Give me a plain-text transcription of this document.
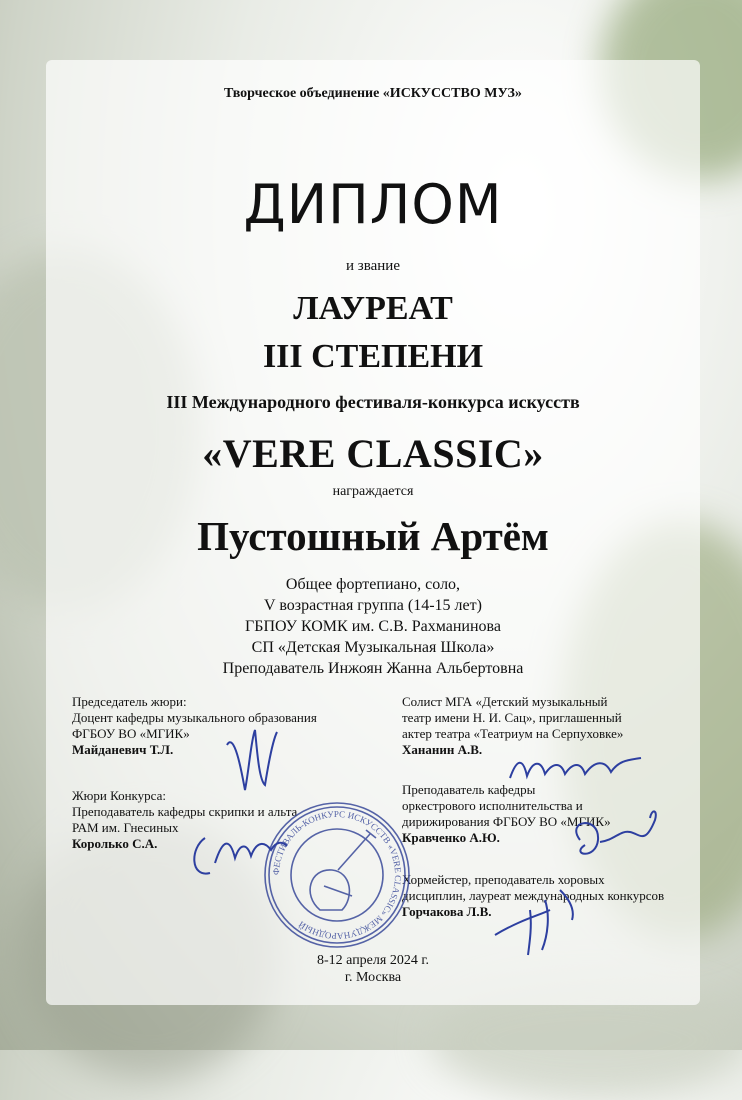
Творческое объединение «ИСКУССТВО МУЗ»
ДИПЛОМ
и звание
ЛАУРЕАТ
III СТЕПЕНИ
III Международного фестиваля-конкурса искусств
«VERE CLASSIC»
награждается
Пустошный Артём
Общее фортепиано, соло,
V возрастная группа (14-15 лет)
ГБПОУ КОМК им. С.В. Рахманинова
СП «Детская Музыкальная Школа»
Преподаватель Инжоян Жанна Альбертовна
Председатель жюри:
Доцент кафедры музыкального образования
ФГБОУ ВО «МГИК»
Майданевич Т.Л.
Жюри Конкурса:
Преподаватель кафедры скрипки и альта
РАМ им. Гнесиных
Королько С.А.
Солист МГА «Детский музыкальный
театр имени Н. И. Сац», приглашенный
актер театра «Театриум на Серпуховке»
Хананин А.В.
Преподаватель кафедры
оркестрового исполнительства и
дирижирования ФГБОУ ВО «МГИК»
Кравченко А.Ю.
Хормейстер, преподаватель хоровых
дисциплин, лауреат международных конкурсов
Горчакова Л.В.
ФЕСТИВАЛЬ-КОНКУРС ИСКУССТВ «VERE CLASSIC» МЕЖДУНАРОДНЫЙ
8-12 апреля 2024 г.
г. Москва
